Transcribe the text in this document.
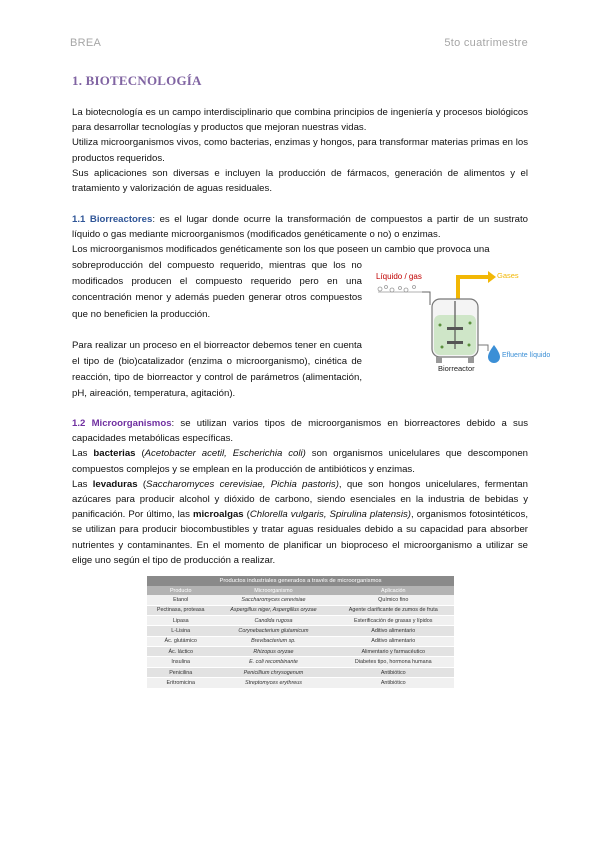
BREA	5to cuatrimestre
1. BIOTECNOLOGÍA

La biotecnología es un campo interdisciplinario que combina principios de ingeniería y procesos biológicos para desarrollar tecnologías y productos que mejoran nuestras vidas.

Utiliza microorganismos vivos, como bacterias, enzimas y hongos, para transformar materias primas en los productos requeridos.

Sus aplicaciones son diversas e incluyen la producción de fármacos, generación de alimentos y el tratamiento y valorización de aguas residuales.

1.1 Biorreactores: es el lugar donde ocurre la transformación de compuestos a partir de un sustrato líquido o gas mediante microorganismos (modificados genéticamente o no) o enzimas.

Los microorganismos modificados genéticamente son los que poseen un cambio que provoca una

sobreproducción del compuesto requerido, mientras que los no modificados producen el compuesto requerido pero en una concentración menor y además pueden generar otros compuestos que no beneficien la producción.
Para realizar un proceso en el biorreactor debemos tener en cuenta el tipo de (bio)catalizador (enzima o microorganismo), cinética de reacción, tipo de biorreactor y control de parámetros (alimentación, pH, aireación, temperatura, agitación).
Líquido / gas	Gases
Efluente líquido
Biorreactor

1.2 Microorganismos: se utilizan varios tipos de microorganismos en biorreactores debido a sus capacidades metabólicas específicas.

Las bacterias (Acetobacter acetil, Escherichia coli) son organismos unicelulares que descomponen compuestos complejos y se emplean en la producción de antibióticos y enzimas.

Las levaduras (Saccharomyces cerevisiae, Pichia pastoris), que son hongos unicelulares, fermentan azúcares para producir alcohol y dióxido de carbono, siendo esenciales en la industria de bebidas y panificación. Por último, las microalgas (Chlorella vulgaris, Spirulina platensis), organismos fotosintéticos, se utilizan para producir biocombustibles y tratar aguas residuales debido a su capacidad para absorber nutrientes y contaminantes. En el momento de planificar un bioproceso el microorganismo a utilizar se elige uno según el tipo de producción a realizar.

Productos industriales generados a través de microorganismos
Producto	Microorganismo	Aplicación
Etanol	Saccharomyces cerevisiae	Químico fino
Pectinasa, proteasa	Aspergillus niger, Aspergillus oryzae	Agente clarificante de zumos de fruta
Lipasa	Candida rugosa	Esterificación de grasas y lípidos
L-Lisina	Corynebacterium glutamicum	Aditivo alimentario
Ác. glutámico	Brevibacterium sp.	Aditivo alimentario
Ác. láctico	Rhizopus oryzae	Alimentario y farmacéutico
Insulina	E. coli recombinante	Diabetes tipo, hormona humana
Penicilina	Penicillium chrysogenum	Antibiótico
Eritromicina	Streptomyces erythreus	Antibiótico
